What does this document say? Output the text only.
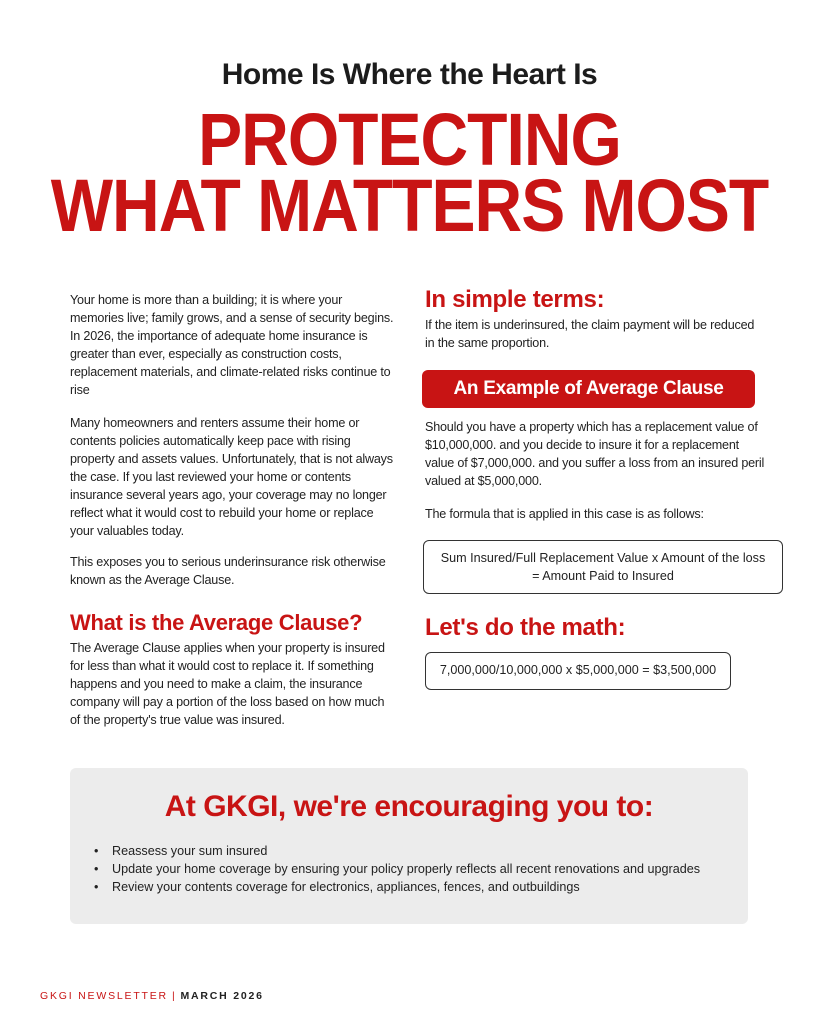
Home Is Where the Heart Is
PROTECTING
WHAT MATTERS MOST

Your home is more than a building; it is where your memories live; family grows, and a sense of security begins. In 2026, the importance of adequate home insurance is greater than ever, especially as construction costs, replacement materials, and climate-related risks continue to rise

Many homeowners and renters assume their home or contents policies automatically keep pace with rising property and assets values. Unfortunately, that is not always the case. If you last reviewed your home or contents insurance several years ago, your coverage may no longer reflect what it would cost to rebuild your home or replace your valuables today.

This exposes you to serious underinsurance risk otherwise known as the Average Clause.

What is the Average Clause?

The Average Clause applies when your property is insured for less than what it would cost to replace it. If something happens and you need to make a claim, the insurance company will pay a portion of the loss based on how much of the property's true value was insured.

In simple terms:

If the item is underinsured, the claim payment will be reduced in the same proportion.

An Example of Average Clause

Should you have a property which has a replacement value of $10,000,000. and you decide to insure it for a replacement value of $7,000,000. and you suffer a loss from an insured peril valued at $5,000,000.

The formula that is applied in this case is as follows:

Sum Insured/Full Replacement Value x Amount of the loss
= Amount Paid to Insured
Let's do the math:
7,000,000/10,000,000 x $5,000,000 = $3,500,000
At GKGI, we're encouraging you to:
• Reassess your sum insured
• Update your home coverage by ensuring your policy properly reflects all recent renovations and upgrades
• Review your contents coverage for electronics, appliances, fences, and outbuildings
GKGI NEWSLETTER | MARCH 2026
